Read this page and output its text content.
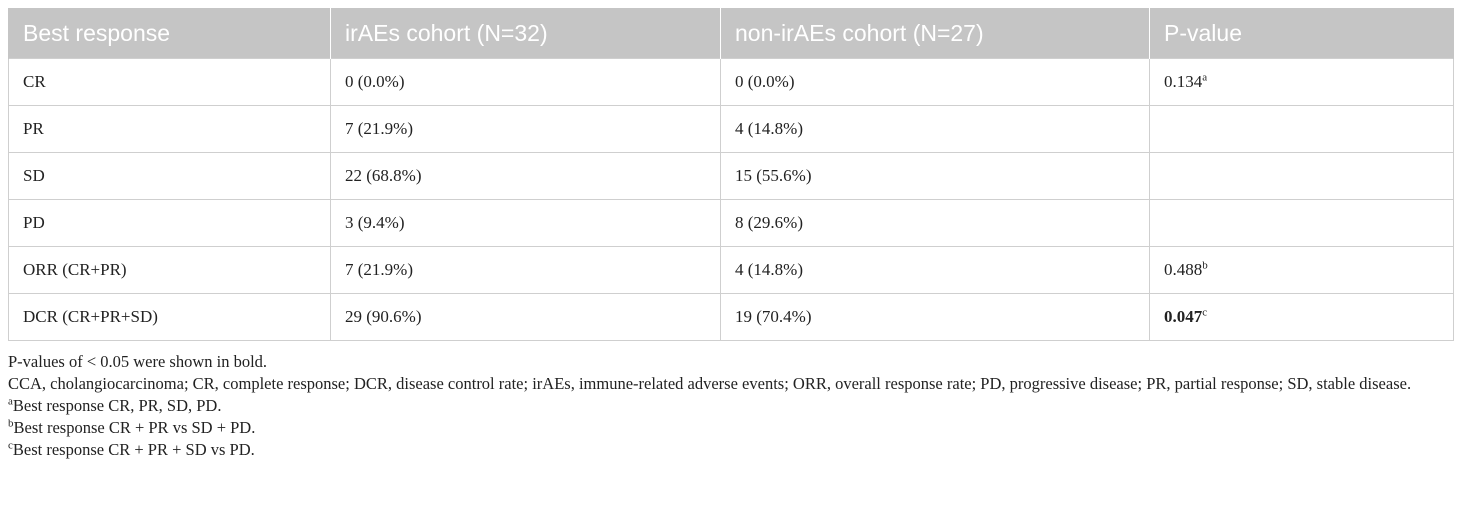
Best response	irAEs cohort (N=32)	non-irAEs cohort (N=27)	P-value
CR	0 (0.0%)	0 (0.0%)	0.134$^a$
PR	7 (21.9%)	4 (14.8%)	
SD	22 (68.8%)	15 (55.6%)	
PD	3 (9.4%)	8 (29.6%)	
ORR (CR+PR)	7 (21.9%)	4 (14.8%)	0.488$^b$
DCR (CR+PR+SD)	29 (90.6%)	19 (70.4%)	0.047$^c$
P-values of < 0.05 were shown in bold.
CCA, cholangiocarcinoma; CR, complete response; DCR, disease control rate; irAEs, immune-related adverse events; ORR, overall response rate; PD, progressive disease; PR, partial response; SD, stable disease.
$^a$Best response CR, PR, SD, PD.
$^b$Best response CR + PR vs SD + PD.
$^c$Best response CR + PR + SD vs PD.
